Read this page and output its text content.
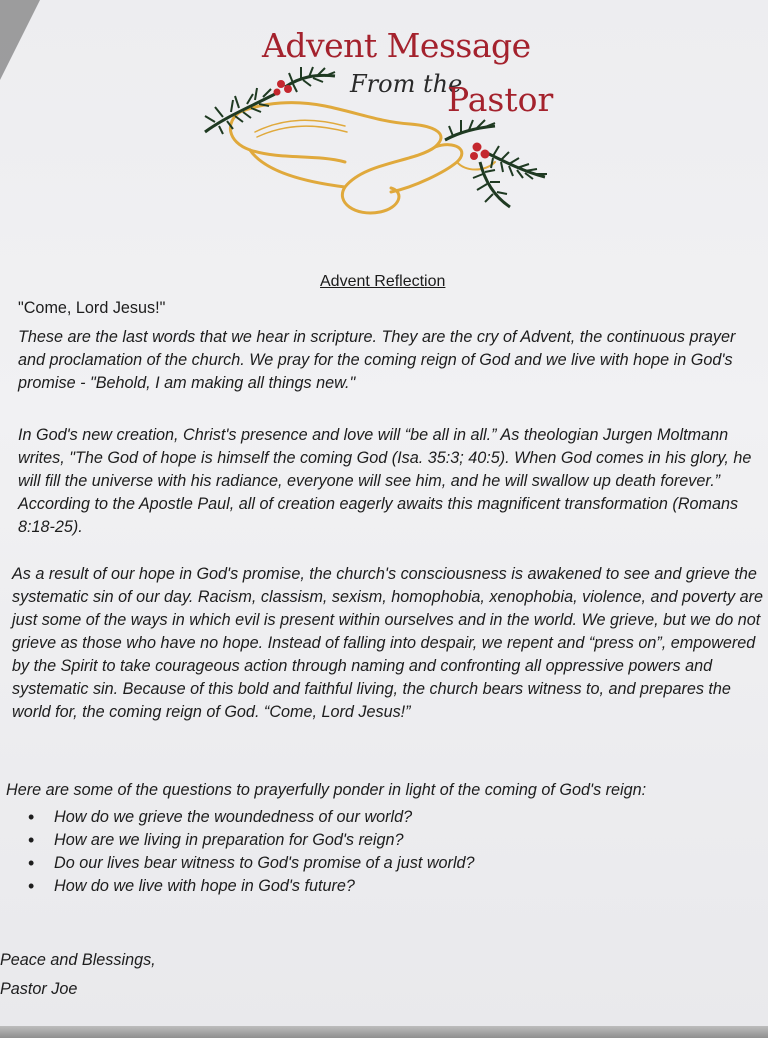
Advent Message
From the
Pastor
Advent Reflection

"Come, Lord Jesus!"

These are the last words that we hear in scripture. They are the cry of Advent, the continuous prayer and proclamation of the church. We pray for the coming reign of God and we live with hope in God's promise - "Behold, I am making all things new."

In God's new creation, Christ's presence and love will “be all in all.” As theologian Jurgen Moltmann writes, "The God of hope is himself the coming God (Isa. 35:3; 40:5). When God comes in his glory, he will fill the universe with his radiance, everyone will see him, and he will swallow up death forever.” According to the Apostle Paul, all of creation eagerly awaits this magnificent transformation (Romans 8:18-25).

As a result of our hope in God's promise, the church's consciousness is awakened to see and grieve the systematic sin of our day. Racism, classism, sexism, homophobia, xenophobia, violence, and poverty are just some of the ways in which evil is present within ourselves and in the world. We grieve, but we do not grieve as those who have no hope. Instead of falling into despair, we repent and “press on”, empowered by the Spirit to take courageous action through naming and confronting all oppressive powers and systematic sin. Because of this bold and faithful living, the church bears witness to, and prepares the world for, the coming reign of God. “Come, Lord Jesus!”

Here are some of the questions to prayerfully ponder in light of the coming of God's reign:

• How do we grieve the woundedness of our world?
• How are we living in preparation for God's reign?
• Do our lives bear witness to God's promise of a just world?
• How do we live with hope in God's future?
Peace and Blessings,
Pastor Joe
